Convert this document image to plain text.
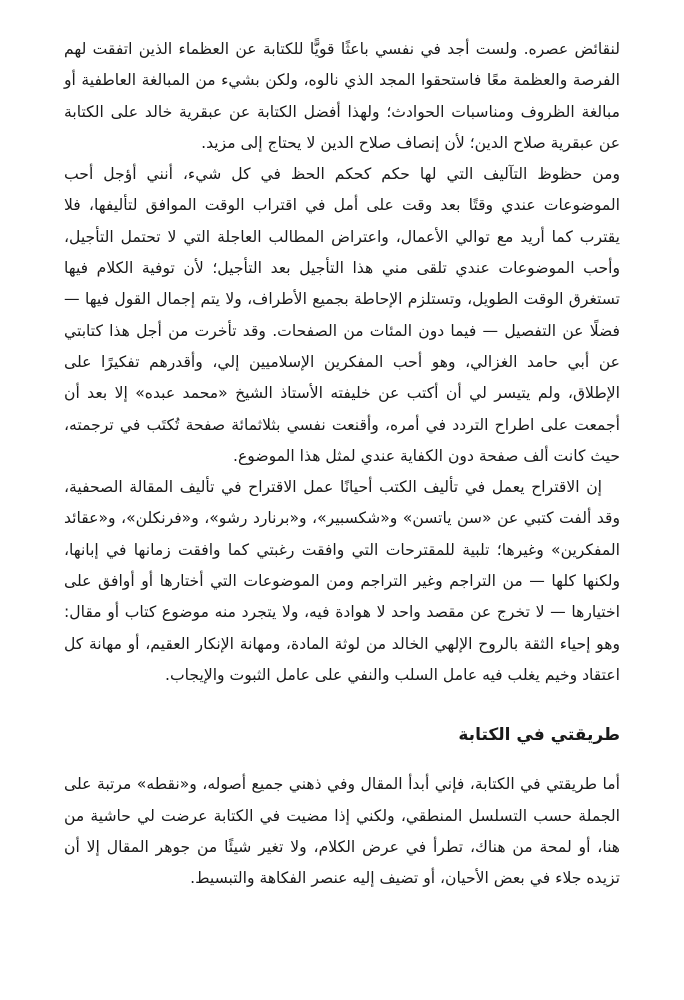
لنقائض عصره. ولست أجد في نفسي باعثًا قويًّا للكتابة عن العظماء الذين اتفقت لهم الفرصة والعظمة معًا فاستحقوا المجد الذي نالوه، ولكن بشيء من المبالغة العاطفية أو مبالغة الظروف ومناسبات الحوادث؛ ولهذا أفضل الكتابة عن عبقرية خالد على الكتابة عن عبقرية صلاح الدين؛ لأن إنصاف صلاح الدين لا يحتاج إلى مزيد.

ومن حظوظ التآليف التي لها حكم كحكم الحظ في كل شيء، أنني أؤجل أحب الموضوعات عندي وقتًا بعد وقت على أمل في اقتراب الوقت الموافق لتأليفها، فلا يقترب كما أريد مع توالي الأعمال، واعتراض المطالب العاجلة التي لا تحتمل التأجيل، وأحب الموضوعات عندي تلقى مني هذا التأجيل بعد التأجيل؛ لأن توفية الكلام فيها تستغرق الوقت الطويل، وتستلزم الإحاطة بجميع الأطراف، ولا يتم إجمال القول فيها — فضلًا عن التفصيل — فيما دون المئات من الصفحات. وقد تأخرت من أجل هذا كتابتي عن أبي حامد الغزالي، وهو أحب المفكرين الإسلاميين إلي، وأقدرهم تفكيرًا على الإطلاق، ولم يتيسر لي أن أكتب عن خليفته الأستاذ الشيخ «محمد عبده» إلا بعد أن أجمعت على اطراح التردد في أمره، وأقنعت نفسي بثلاثمائة صفحة تُكتَب في ترجمته، حيث كانت ألف صفحة دون الكفاية عندي لمثل هذا الموضوع.

إن الاقتراح يعمل في تأليف الكتب أحيانًا عمل الاقتراح في تأليف المقالة الصحفية، وقد ألفت كتبي عن «سن ياتسن» و«شكسبير»، و«برنارد رشو»، و«فرنكلن»، و«عقائد المفكرين» وغيرها؛ تلبية للمقترحات التي وافقت رغبتي كما وافقت زمانها في إبانها، ولكنها كلها — من التراجم وغير التراجم ومن الموضوعات التي أختارها أو أوافق على اختيارها — لا تخرج عن مقصد واحد لا هوادة فيه، ولا يتجرد منه موضوع كتاب أو مقال: وهو إحياء الثقة بالروح الإلهي الخالد من لوثة المادة، ومهانة الإنكار العقيم، أو مهانة كل اعتقاد وخيم يغلب فيه عامل السلب والنفي على عامل الثبوت والإيجاب.

طريقتي في الكتابة

أما طريقتي في الكتابة، فإني أبدأ المقال وفي ذهني جميع أصوله، و«نقطه» مرتبة على الجملة حسب التسلسل المنطقي، ولكني إذا مضيت في الكتابة عرضت لي حاشية من هنا، أو لمحة من هناك، تطرأ في عرض الكلام، ولا تغير شيئًا من جوهر المقال إلا أن تزيده جلاء في بعض الأحيان، أو تضيف إليه عنصر الفكاهة والتبسيط.
